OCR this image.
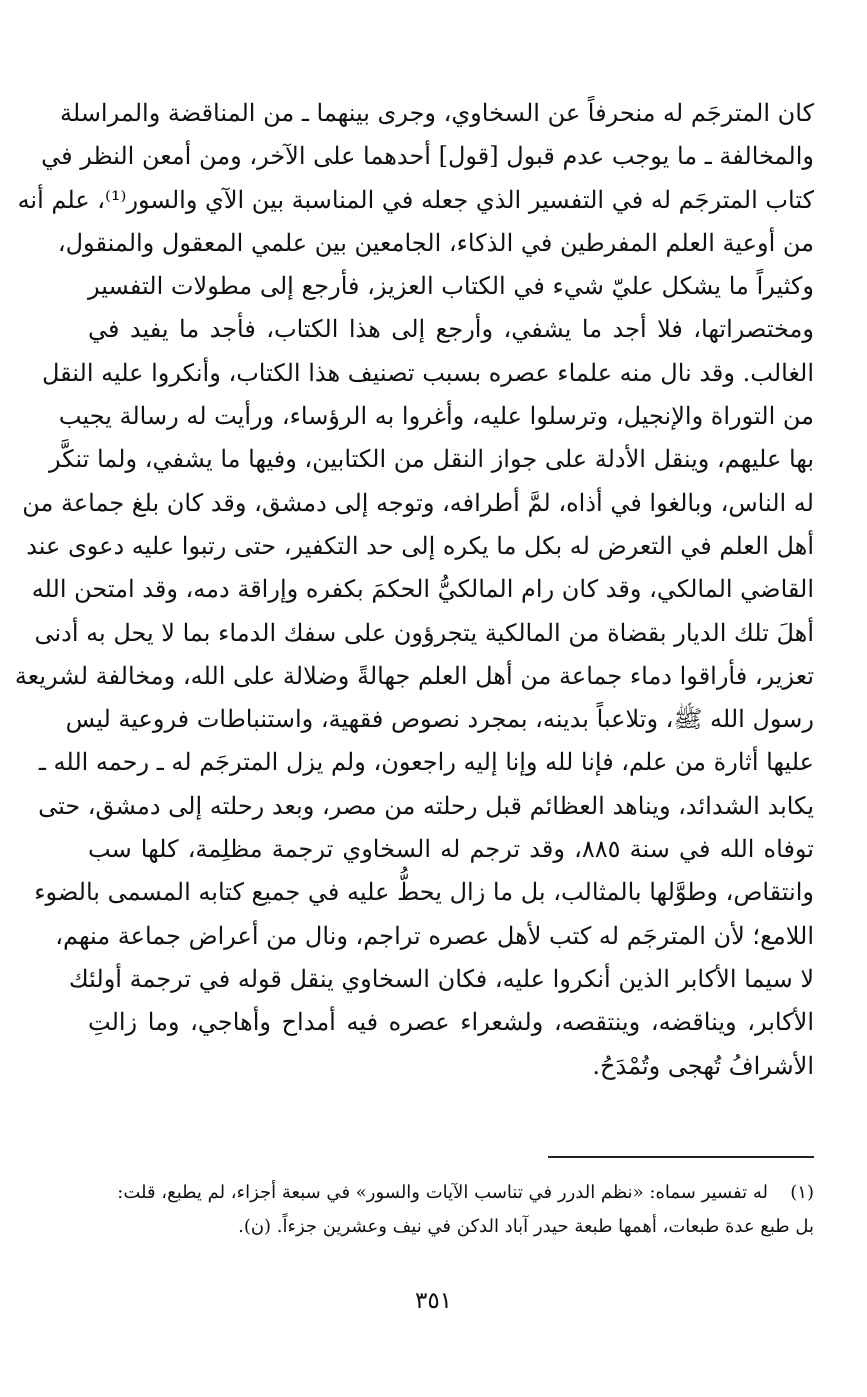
كان المترجَم له منحرفاً عن السخاوي، وجرى بينهما ـ من المناقضة والمراسلة
والمخالفة ـ ما يوجب عدم قبول [قول] أحدهما على الآخر، ومن أمعن النظر في
كتاب المترجَم له في التفسير الذي جعله في المناسبة بين الآي والسور⁽¹⁾، علم أنه
من أوعية العلم المفرطين في الذكاء، الجامعين بين علمي المعقول والمنقول،
وكثيراً ما يشكل عليّ شيء في الكتاب العزيز، فأرجع إلى مطولات التفسير
ومختصراتها، فلا أجد ما يشفي، وأرجع إلى هذا الكتاب، فأجد ما يفيد في
الغالب. وقد نال منه علماء عصره بسبب تصنيف هذا الكتاب، وأنكروا عليه النقل
من التوراة والإنجيل، وترسلوا عليه، وأغروا به الرؤساء، ورأيت له رسالة يجيب
بها عليهم، وينقل الأدلة على جواز النقل من الكتابين، وفيها ما يشفي، ولما تنكَّر
له الناس، وبالغوا في أذاه، لمَّ أطرافه، وتوجه إلى دمشق، وقد كان بلغ جماعة من
أهل العلم في التعرض له بكل ما يكره إلى حد التكفير، حتى رتبوا عليه دعوى عند
القاضي المالكي، وقد كان رام المالكيُّ الحكمَ بكفره وإراقة دمه، وقد امتحن الله
أهلَ تلك الديار بقضاة من المالكية يتجرؤون على سفك الدماء بما لا يحل به أدنى
تعزير، فأراقوا دماء جماعة من أهل العلم جهالةً وضلالة على الله، ومخالفة لشريعة
رسول الله ﷺ، وتلاعباً بدينه، بمجرد نصوص فقهية، واستنباطات فروعية ليس
عليها أثارة من علم، فإنا لله وإنا إليه راجعون، ولم يزل المترجَم له ـ رحمه الله ـ
يكابد الشدائد، ويناهد العظائم قبل رحلته من مصر، وبعد رحلته إلى دمشق، حتى
توفاه الله في سنة ٨٨٥، وقد ترجم له السخاوي ترجمة مظلِمة، كلها سب
وانتقاص، وطوَّلها بالمثالب، بل ما زال يحطُّ عليه في جميع كتابه المسمى بالضوء
اللامع؛ لأن المترجَم له كتب لأهل عصره تراجم، ونال من أعراض جماعة منهم،
لا سيما الأكابر الذين أنكروا عليه، فكان السخاوي ينقل قوله في ترجمة أولئك
الأكابر، ويناقضه، وينتقصه، ولشعراء عصره فيه أمداح وأهاجي، وما زالتِ
الأشرافُ تُهجى وتُمْدَحُ.
(١)له تفسير سماه: «نظم الدرر في تناسب الآيات والسور» في سبعة أجزاء، لم يطبع، قلت:
بل طبع عدة طبعات، أهمها طبعة حيدر آباد الدكن في نيف وعشرين جزءاً. (ن).
٣٥١
